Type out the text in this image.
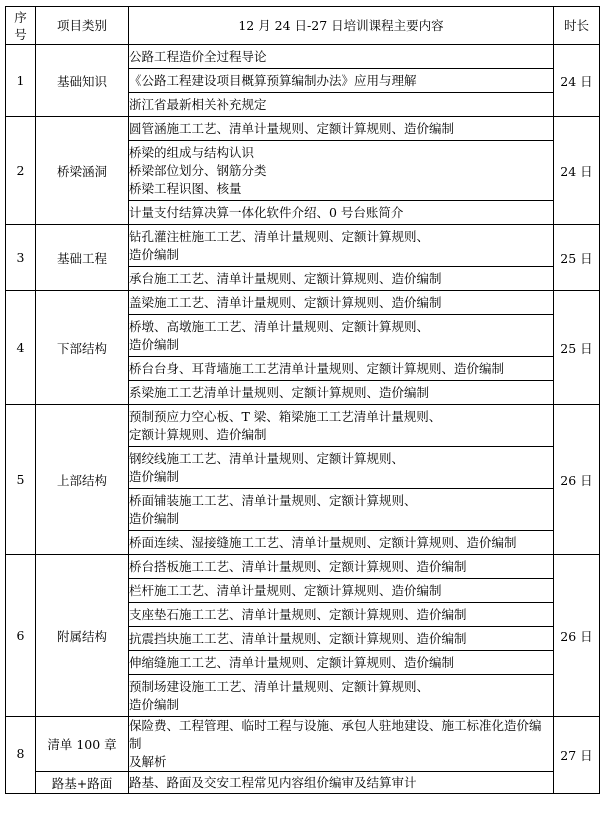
序
号	项目类别	12 月 24 日-27 日培训课程主要内容	时长
1	基础知识	公路工程造价全过程导论	24 日

		《公路工程建设项目概算预算编制办法》应用与理解	

		浙江省最新相关补充规定	

2	桥梁涵洞	圆管涵施工工艺、清单计量规则、定额计算规则、造价编制	24 日

		桥梁的组成与结构认识
桥梁部位划分、钢筋分类
桥梁工程识图、核量	

		计量支付结算决算一体化软件介绍、0 号台账简介	

3	基础工程	钻孔灌注桩施工工艺、清单计量规则、定额计算规则、
造价编制	25 日

		承台施工工艺、清单计量规则、定额计算规则、造价编制	

4	下部结构	盖梁施工工艺、清单计量规则、定额计算规则、造价编制	25 日

		桥墩、高墩施工工艺、清单计量规则、定额计算规则、
造价编制	

		桥台台身、耳背墙施工工艺清单计量规则、定额计算规则、造价编制	

		系梁施工工艺清单计量规则、定额计算规则、造价编制	

5	上部结构	预制预应力空心板、T 梁、箱梁施工工艺清单计量规则、
定额计算规则、造价编制	26 日

		钢绞线施工工艺、清单计量规则、定额计算规则、
造价编制	

		桥面铺装施工工艺、清单计量规则、定额计算规则、
造价编制	

		桥面连续、湿接缝施工工艺、清单计量规则、定额计算规则、造价编制	

6	附属结构	桥台搭板施工工艺、清单计量规则、定额计算规则、造价编制	26 日

		栏杆施工工艺、清单计量规则、定额计算规则、造价编制	

		支座垫石施工工艺、清单计量规则、定额计算规则、造价编制	

		抗震挡块施工工艺、清单计量规则、定额计算规则、造价编制	

		伸缩缝施工工艺、清单计量规则、定额计算规则、造价编制	

		预制场建设施工工艺、清单计量规则、定额计算规则、
造价编制	

8	清单 100 章	保险费、工程管理、临时工程与设施、承包人驻地建设、施工标准化造价编制
及解析	27 日
	路基+路面	路基、路面及交安工程常见内容组价编审及结算审计	
